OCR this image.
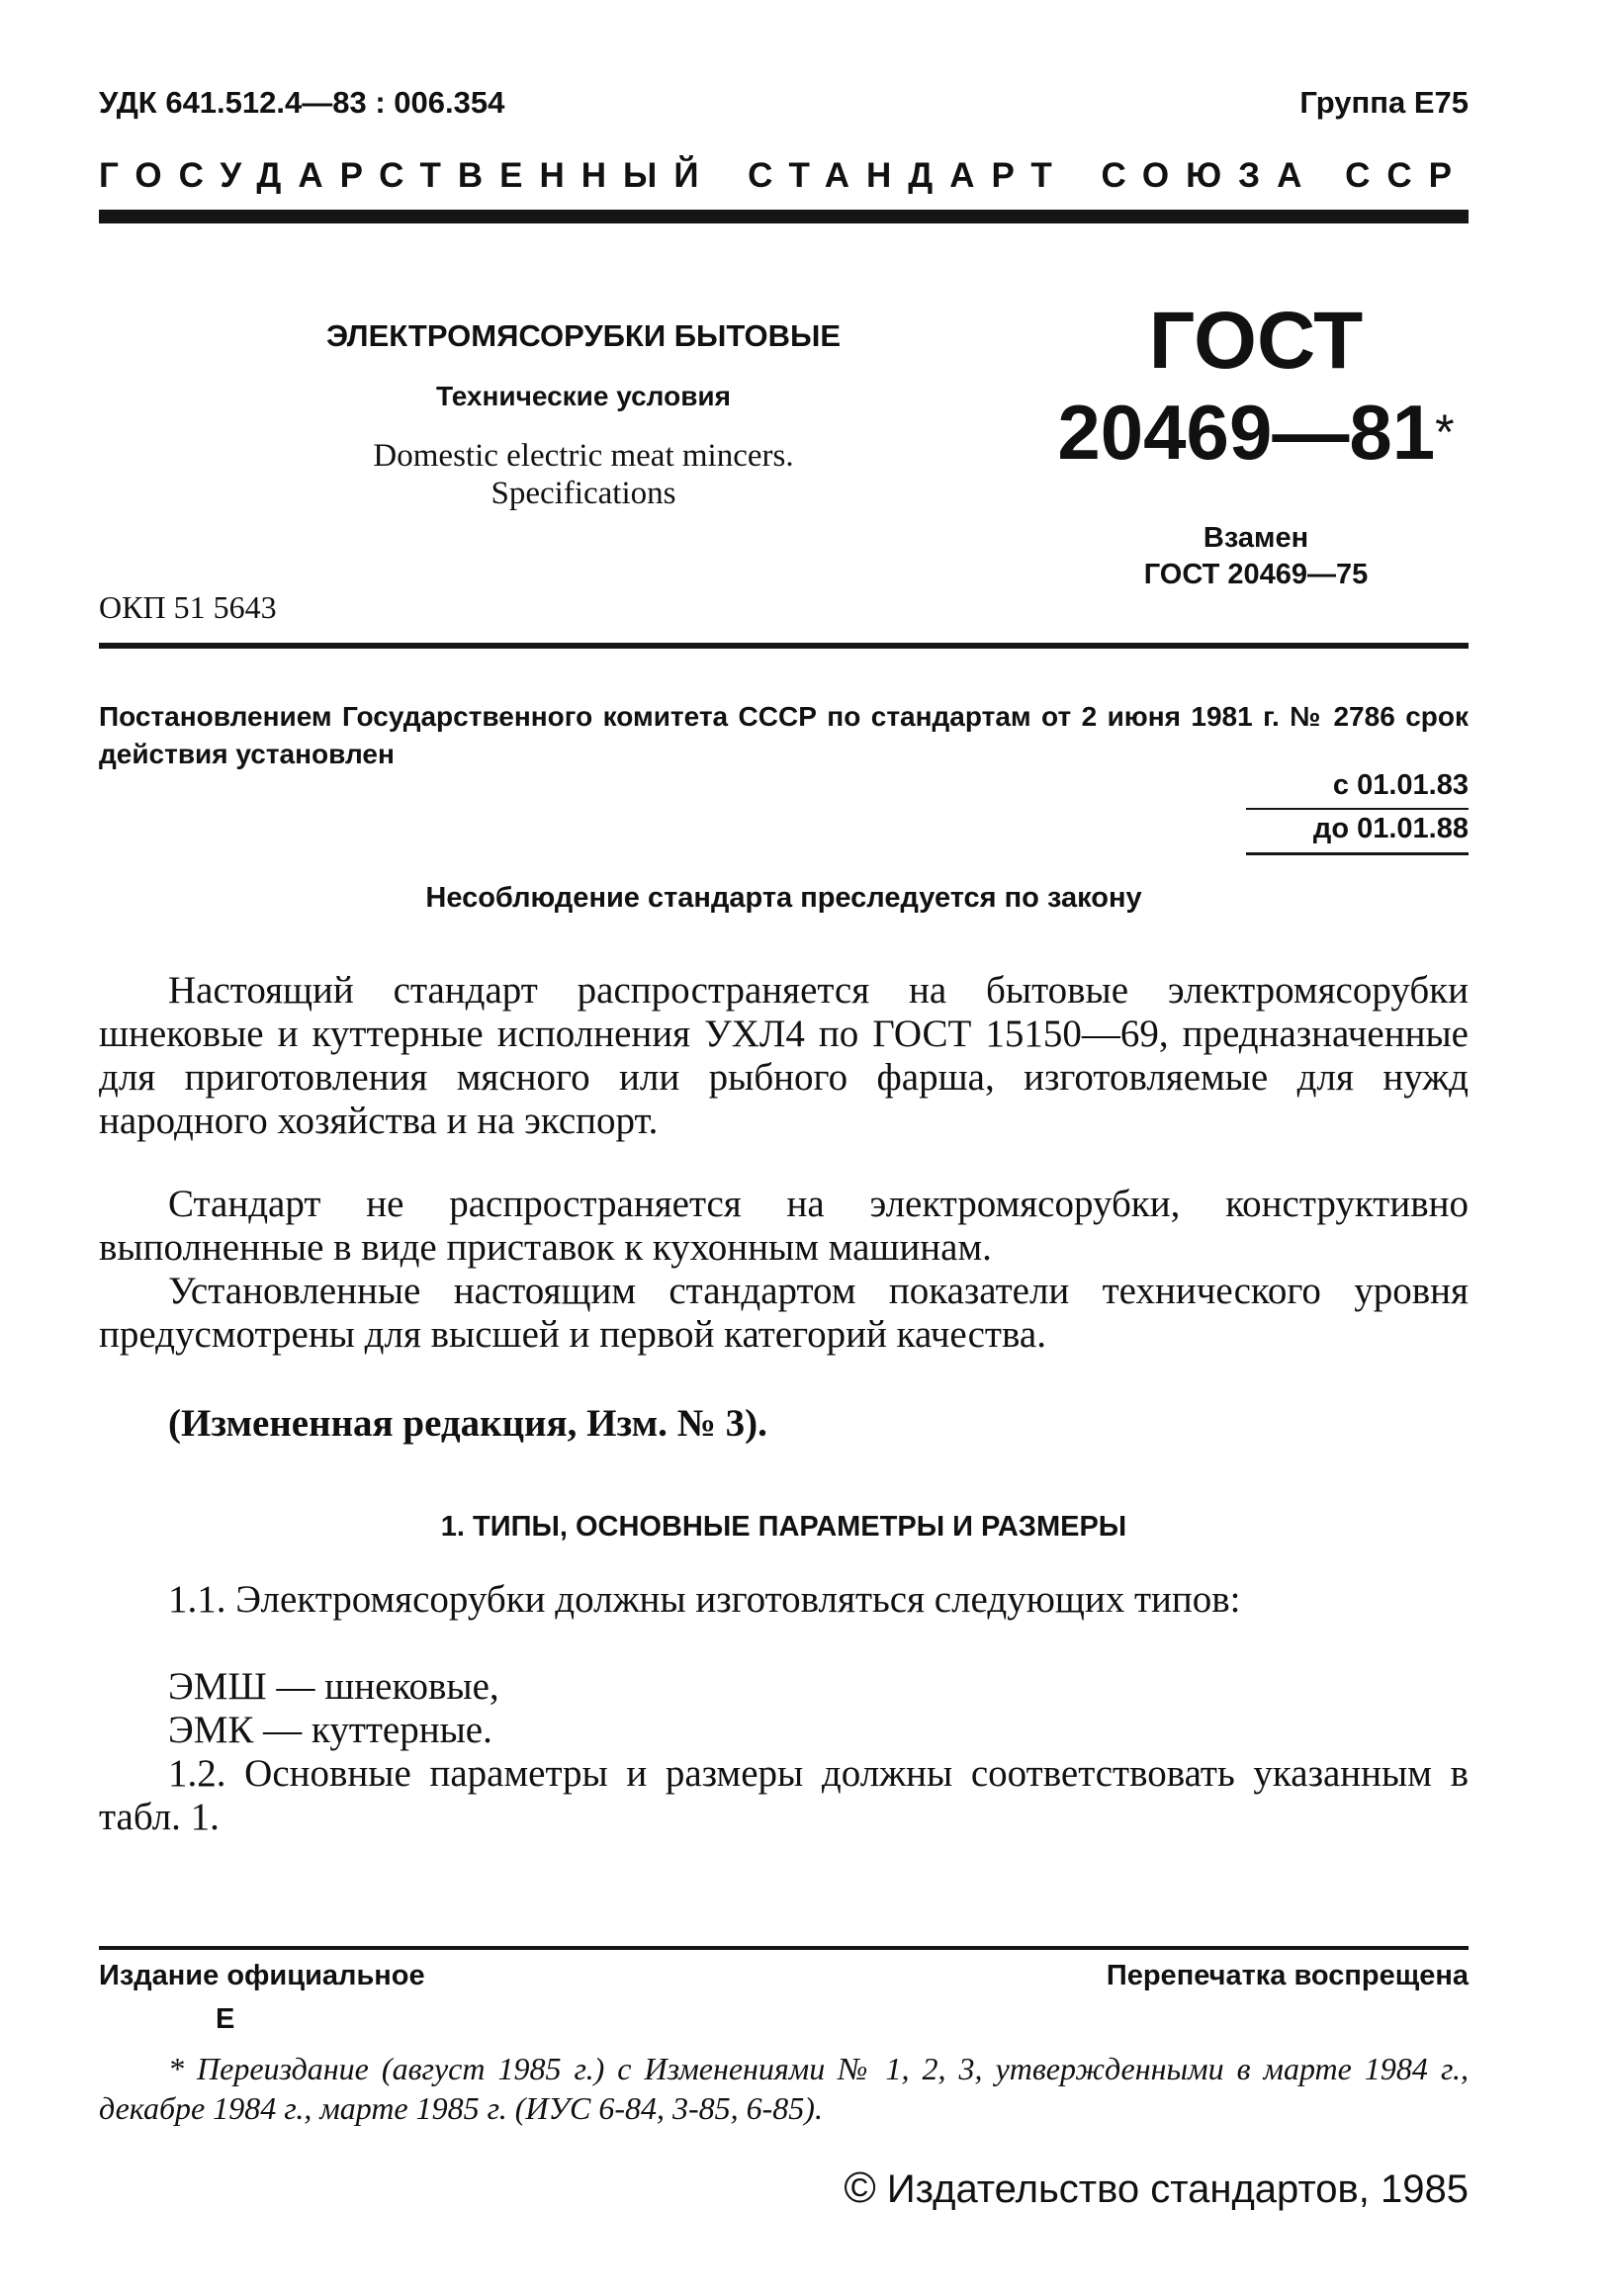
УДК 641.512.4—83 : 006.354	Группа Е75
ГОСУДАРСТВЕННЫЙ СТАНДАРТ СОЮЗА ССР
ЭЛЕКТРОМЯСОРУБКИ БЫТОВЫЕ
Технические условия
Domestic electric meat mincers.
Specifications
ОКП 51 5643
ГОСТ
20469—81*
Взамен
ГОСТ 20469—75
Постановлением Государственного комитета СССР по стандартам от 2 июня 1981 г. № 2786 срок действия установлен
с 01.01.83
до 01.01.88
Несоблюдение стандарта преследуется по закону
Настоящий стандарт распространяется на бытовые электромясорубки шнековые и куттерные исполнения УХЛ4 по ГОСТ 15150—69, предназначенные для приготовления мясного или рыбного фарша, изготовляемые для нужд народного хозяйства и на экспорт.
Стандарт не распространяется на электромясорубки, конструктивно выполненные в виде приставок к кухонным машинам.
Установленные настоящим стандартом показатели технического уровня предусмотрены для высшей и первой категорий качества.
(Измененная редакция, Изм. № 3).
1. ТИПЫ, ОСНОВНЫЕ ПАРАМЕТРЫ И РАЗМЕРЫ
1.1. Электромясорубки должны изготовляться следующих типов:
ЭМШ — шнековые,
ЭМК — куттерные.
1.2. Основные параметры и размеры должны соответствовать указанным в табл. 1.
Издание официальное	Перепечатка воспрещена
Е
* Переиздание (август 1985 г.) с Изменениями № 1, 2, 3, утвержденными в марте 1984 г., декабре 1984 г., марте 1985 г. (ИУС 6-84, 3-85, 6-85).
© Издательство стандартов, 1985
